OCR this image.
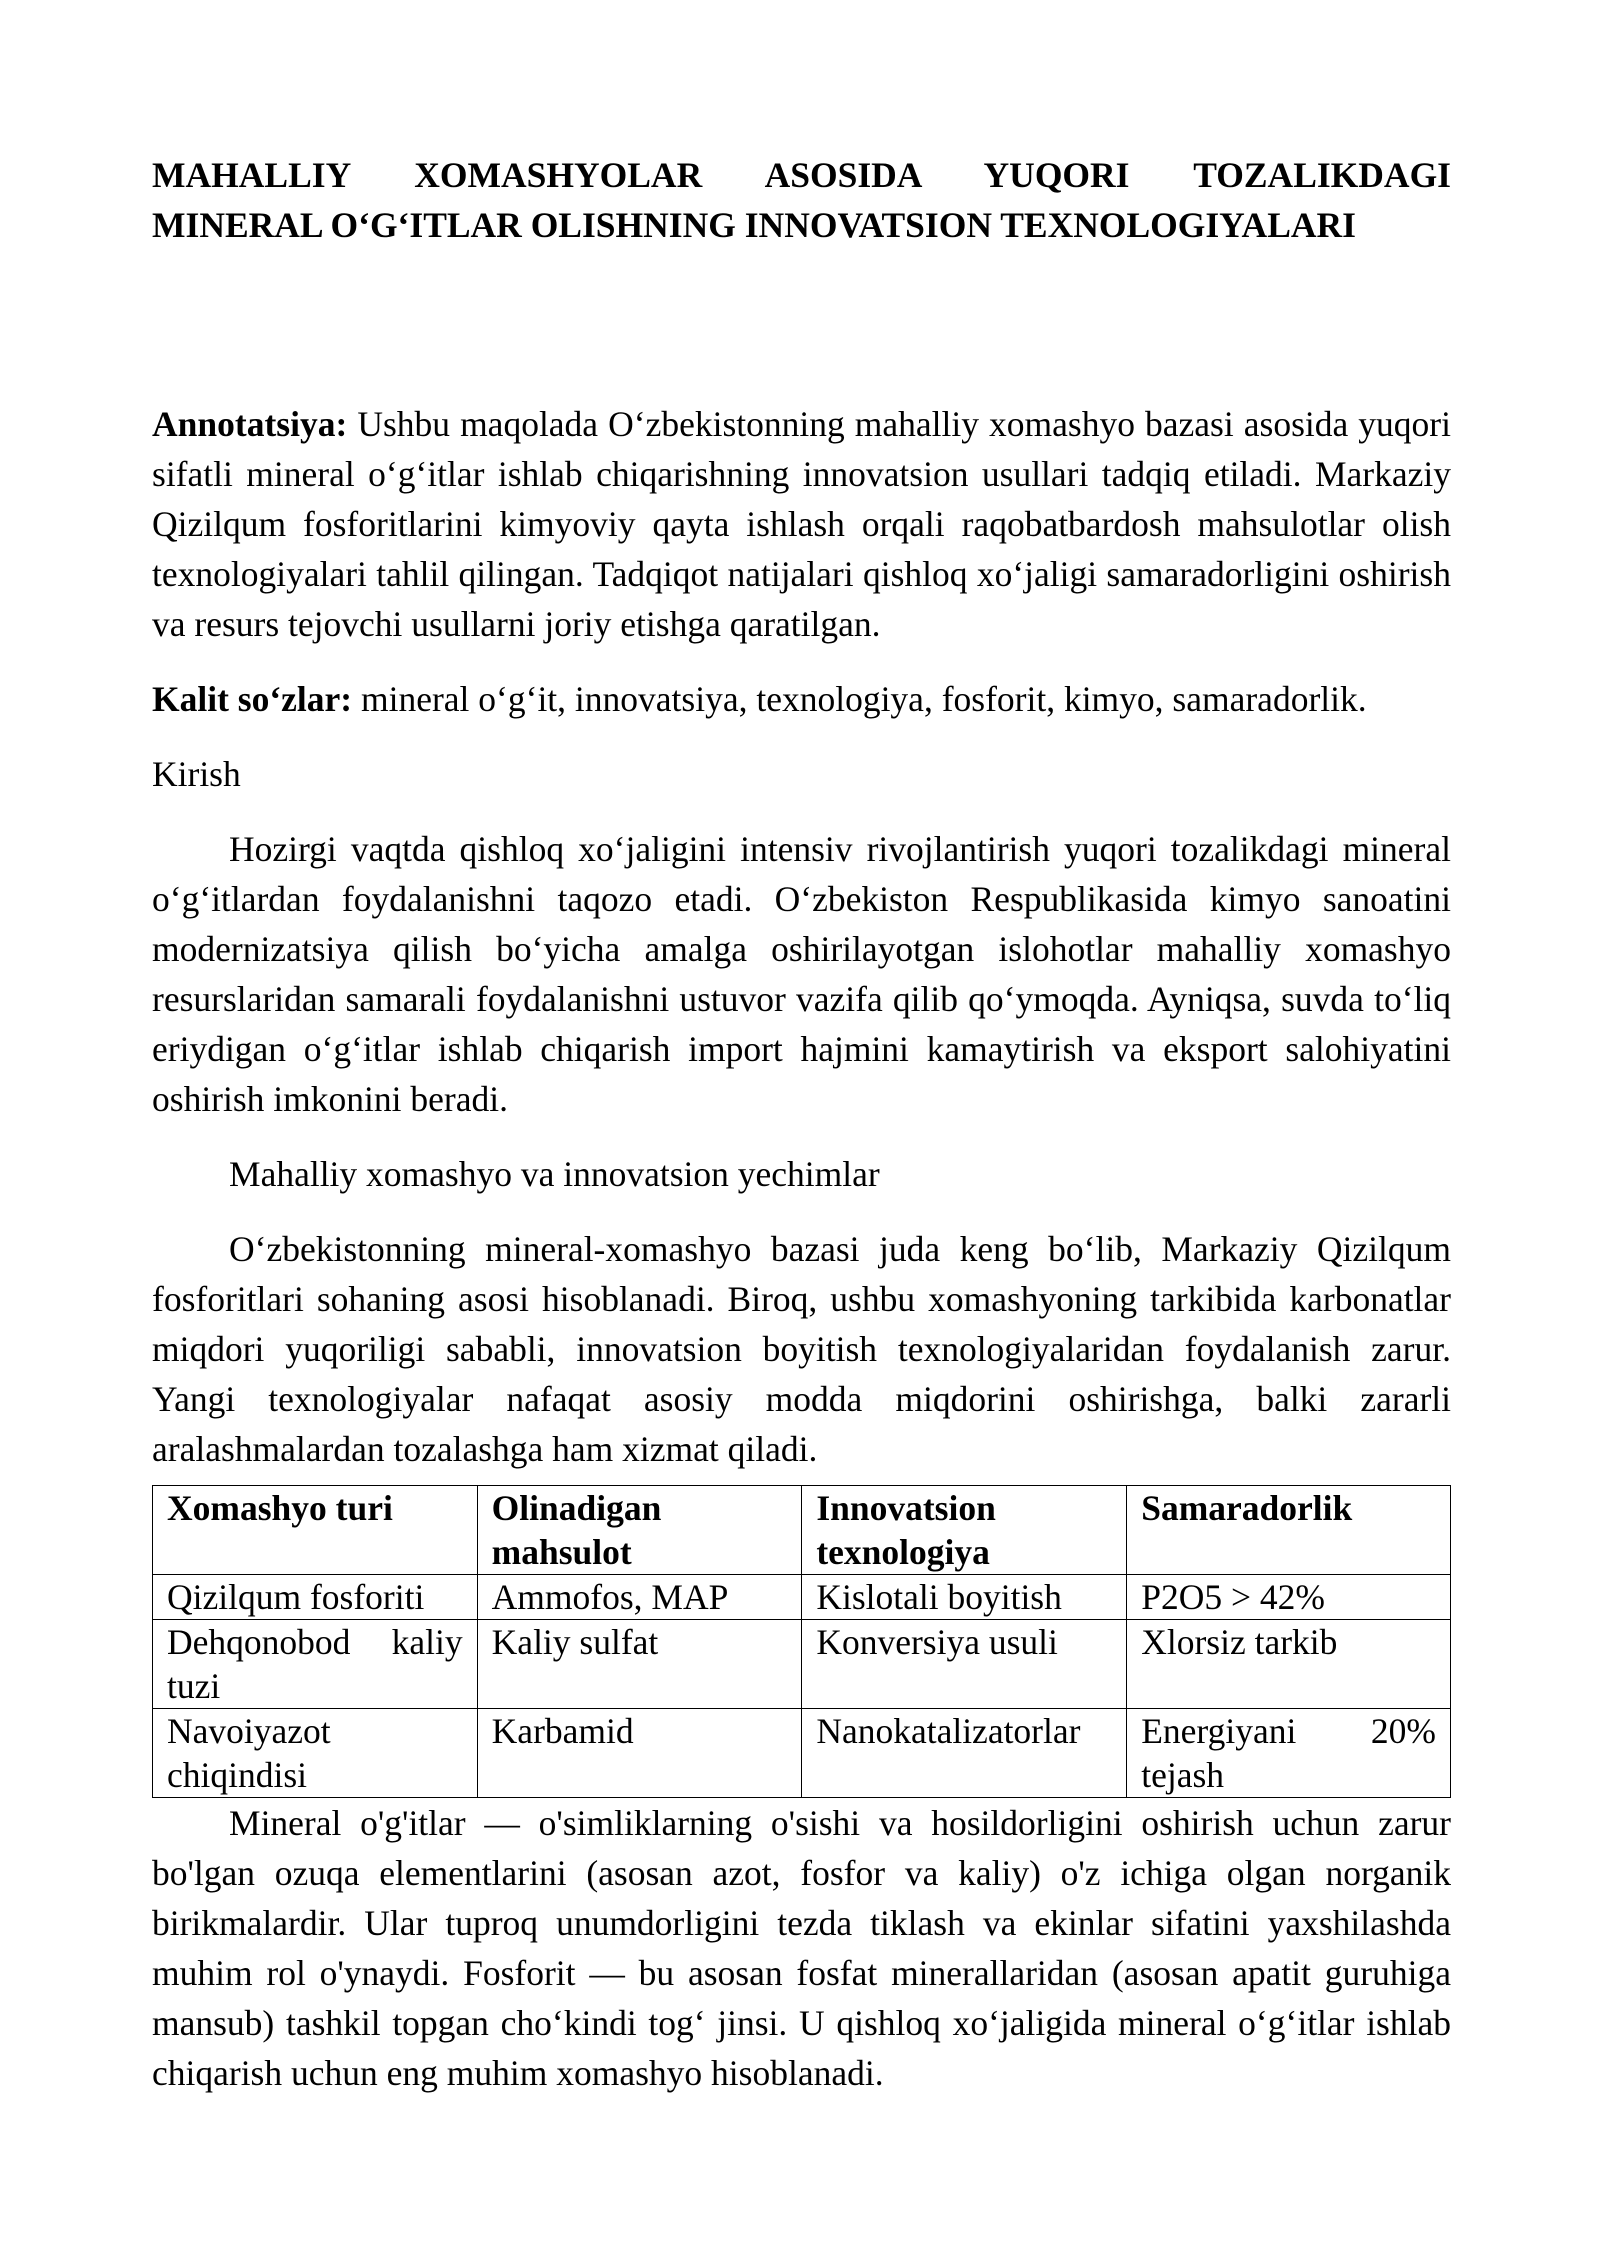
MAHALLIY XOMASHYOLAR ASOSIDA YUQORI TOZALIKDAGI
MINERAL O‘G‘ITLAR OLISHNING INNOVATSION TEXNOLOGIYALARI

Annotatsiya: Ushbu maqolada O‘zbekistonning mahalliy xomashyo bazasi asosida yuqori sifatli mineral o‘g‘itlar ishlab chiqarishning innovatsion usullari tadqiq etiladi. Markaziy Qizilqum fosforitlarini kimyoviy qayta ishlash orqali raqobatbardosh mahsulotlar olish texnologiyalari tahlil qilingan. Tadqiqot natijalari qishloq xo‘jaligi samaradorligini oshirish va resurs tejovchi usullarni joriy etishga qaratilgan.

Kalit so‘zlar: mineral o‘g‘it, innovatsiya, texnologiya, fosforit, kimyo, samaradorlik.

Kirish

Hozirgi vaqtda qishloq xo‘jaligini intensiv rivojlantirish yuqori tozalikdagi mineral o‘g‘itlardan foydalanishni taqozo etadi. O‘zbekiston Respublikasida kimyo sanoatini modernizatsiya qilish bo‘yicha amalga oshirilayotgan islohotlar mahalliy xomashyo resurslaridan samarali foydalanishni ustuvor vazifa qilib qo‘ymoqda. Ayniqsa, suvda to‘liq eriydigan o‘g‘itlar ishlab chiqarish import hajmini kamaytirish va eksport salohiyatini oshirish imkonini beradi.

Mahalliy xomashyo va innovatsion yechimlar

O‘zbekistonning mineral-xomashyo bazasi juda keng bo‘lib, Markaziy Qizilqum fosforitlari sohaning asosi hisoblanadi. Biroq, ushbu xomashyoning tarkibida karbonatlar miqdori yuqoriligi sababli, innovatsion boyitish texnologiyalaridan foydalanish zarur. Yangi texnologiyalar nafaqat asosiy modda miqdorini oshirishga, balki zararli aralashmalardan tozalashga ham xizmat qiladi.

Xomashyo turi	Olinadigan mahsulot	Innovatsion texnologiya	Samaradorlik
Qizilqum fosforiti	Ammofos, MAP	Kislotali boyitish	P2O5 > 42%
Dehqonobod kaliy tuzi	Kaliy sulfat	Konversiya usuli	Xlorsiz tarkib
Navoiyazot chiqindisi	Karbamid	Nanokatalizatorlar	Energiyani 20% tejash

Mineral o'g'itlar — o'simliklarning o'sishi va hosildorligini oshirish uchun zarur bo'lgan ozuqa elementlarini (asosan azot, fosfor va kaliy) o'z ichiga olgan norganik birikmalardir. Ular tuproq unumdorligini tezda tiklash va ekinlar sifatini yaxshilashda muhim rol o'ynaydi. Fosforit — bu asosan fosfat minerallaridan (asosan apatit guruhiga mansub) tashkil topgan cho‘kindi tog‘ jinsi. U qishloq xo‘jaligida mineral o‘g‘itlar ishlab chiqarish uchun eng muhim xomashyo hisoblanadi.
